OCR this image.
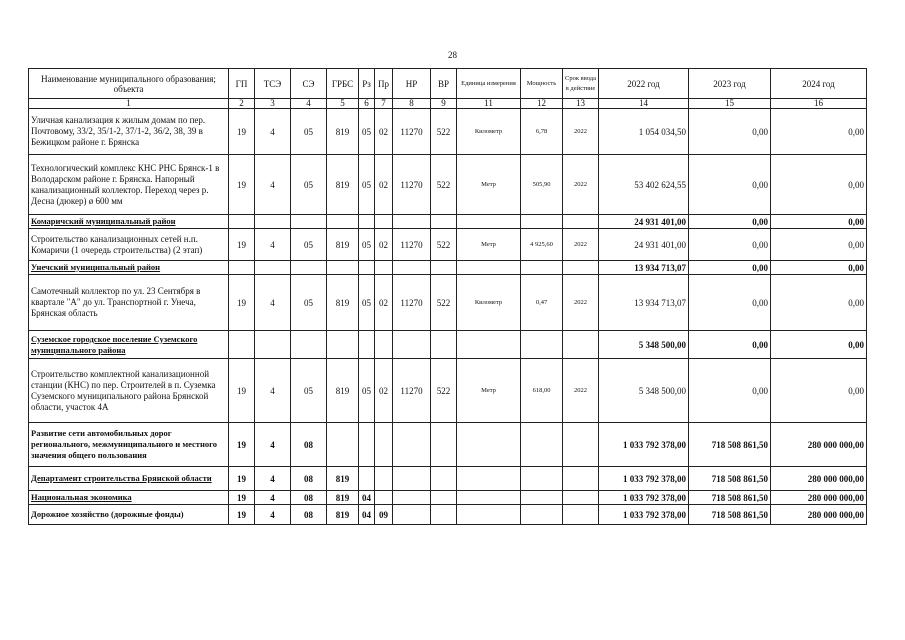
28
Наименование муниципального образования; объекта	ГП	ТСЭ	СЭ	ГРБС	Рз	Пр	НР	ВР	Единица измерения	Мощность	Срок ввода в действие	2022 год	2023 год	2024 год
1	2	3	4	5	6	7	8	9	11	12	13	14	15	16
Уличная канализация к жилым домам по пер. Почтовому, 33/2, 35/1-2, 37/1-2, 36/2, 38, 39 в Бежицком районе г. Брянска	19	4	05	819	05	02	11270	522	Километр	6,78	2022	1 054 034,50	0,00	0,00
Технологический комплекс КНС РНС Брянск-1 в Володарском районе г. Брянска. Напорный канализационный коллектор. Переход через р. Десна (дюкер) ø 600 мм	19	4	05	819	05	02	11270	522	Метр	505,90	2022	53 402 624,55	0,00	0,00
Комаричский муниципальный район												24 931 401,00	0,00	0,00
Строительство канализационных сетей н.п. Комаричи (1 очередь строительства) (2 этап)	19	4	05	819	05	02	11270	522	Метр	4 925,60	2022	24 931 401,00	0,00	0,00
Унечский муниципальный район												13 934 713,07	0,00	0,00
Самотечный коллектор по ул. 23 Сентября в квартале "А" до ул. Транспортной г. Унеча, Брянская область	19	4	05	819	05	02	11270	522	Километр	0,47	2022	13 934 713,07	0,00	0,00
Суземское городское поселение Суземского муниципального района												5 348 500,00	0,00	0,00
Строительство комплектной канализационной станции (КНС) по пер. Строителей в п. Суземка Суземского муниципального района Брянской области, участок 4А	19	4	05	819	05	02	11270	522	Метр	618,00	2022	5 348 500,00	0,00	0,00
Развитие сети автомобильных дорог регионального, межмуниципального и местного значения общего пользования	19	4	08									1 033 792 378,00	718 508 861,50	280 000 000,00
Департамент строительства Брянской области	19	4	08	819								1 033 792 378,00	718 508 861,50	280 000 000,00
Национальная экономика	19	4	08	819	04							1 033 792 378,00	718 508 861,50	280 000 000,00
Дорожное хозяйство (дорожные фонды)	19	4	08	819	04	09						1 033 792 378,00	718 508 861,50	280 000 000,00
